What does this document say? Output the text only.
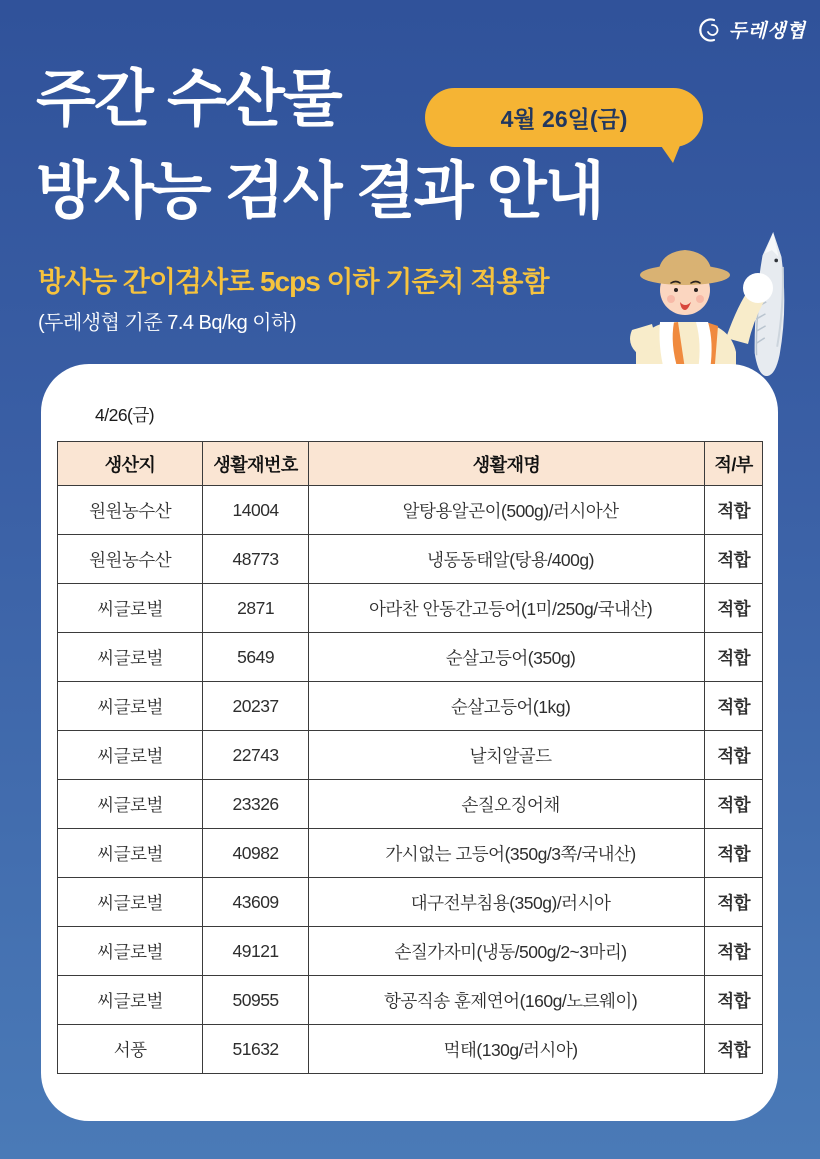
두레생협
주간 수산물	4월 26일(금)
방사능 검사 결과 안내
방사능 간이검사로 5cps 이하 기준치 적용함
(두레생협 기준 7.4 Bq/kg 이하)
4/26(금)
생산지	생활재번호	생활재명	적/부
원원농수산	14004	알탕용알곤이(500g)/러시아산	적합
원원농수산	48773	냉동동태알(탕용/400g)	적합
씨글로벌	2871	아라찬 안동간고등어(1미/250g/국내산)	적합
씨글로벌	5649	순살고등어(350g)	적합
씨글로벌	20237	순살고등어(1kg)	적합
씨글로벌	22743	날치알골드	적합
씨글로벌	23326	손질오징어채	적합
씨글로벌	40982	가시없는 고등어(350g/3쪽/국내산)	적합
씨글로벌	43609	대구전부침용(350g)/러시아	적합
씨글로벌	49121	손질가자미(냉동/500g/2~3마리)	적합
씨글로벌	50955	항공직송 훈제연어(160g/노르웨이)	적합
서풍	51632	먹태(130g/러시아)	적합
